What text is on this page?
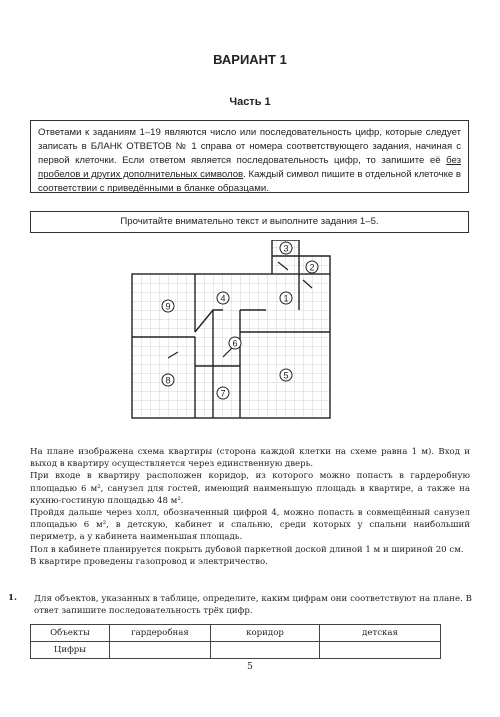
ВАРИАНТ 1
Часть 1
Ответами к заданиям 1–19 являются число или последовательность цифр, которые следует записать в БЛАНК ОТВЕТОВ № 1 справа от номера соответствующего задания, начиная с первой клеточки. Если ответом является последовательность цифр, то запишите её без пробелов и других дополнительных символов. Каждый символ пишите в отдельной клеточке в соответствии с приведёнными в бланке образцами.
Прочитайте внимательно текст и выполните задания 1–5.
9
4	1
3
2
6
8
7
5

На плане изображена схема квартиры (сторона каждой клетки на схеме равна 1 м). Вход и выход в квартиру осуществляется через единственную дверь.

При входе в квартиру расположен коридор, из которого можно попасть в гардеробную площадью 6 м², санузел для гостей, имеющий наименьшую площадь в квартире, а также на кухню-гостиную площадью 48 м².

Пройдя дальше через холл, обозначенный цифрой 4, можно попасть в совмещённый санузел площадью 6 м², в детскую, кабинет и спальню, среди которых у спальни наибольший периметр, а у кабинета наименьшая площадь.

Пол в кабинете планируется покрыть дубовой паркетной доской длиной 1 м и шириной 20 см.

В квартире проведены газопровод и электричество.

1. Для объектов, указанных в таблице, определите, каким цифрам они соответствуют на плане. В ответ запишите последовательность трёх цифр.
Объекты	гардеробная	коридор	детская
Цифры			
5
